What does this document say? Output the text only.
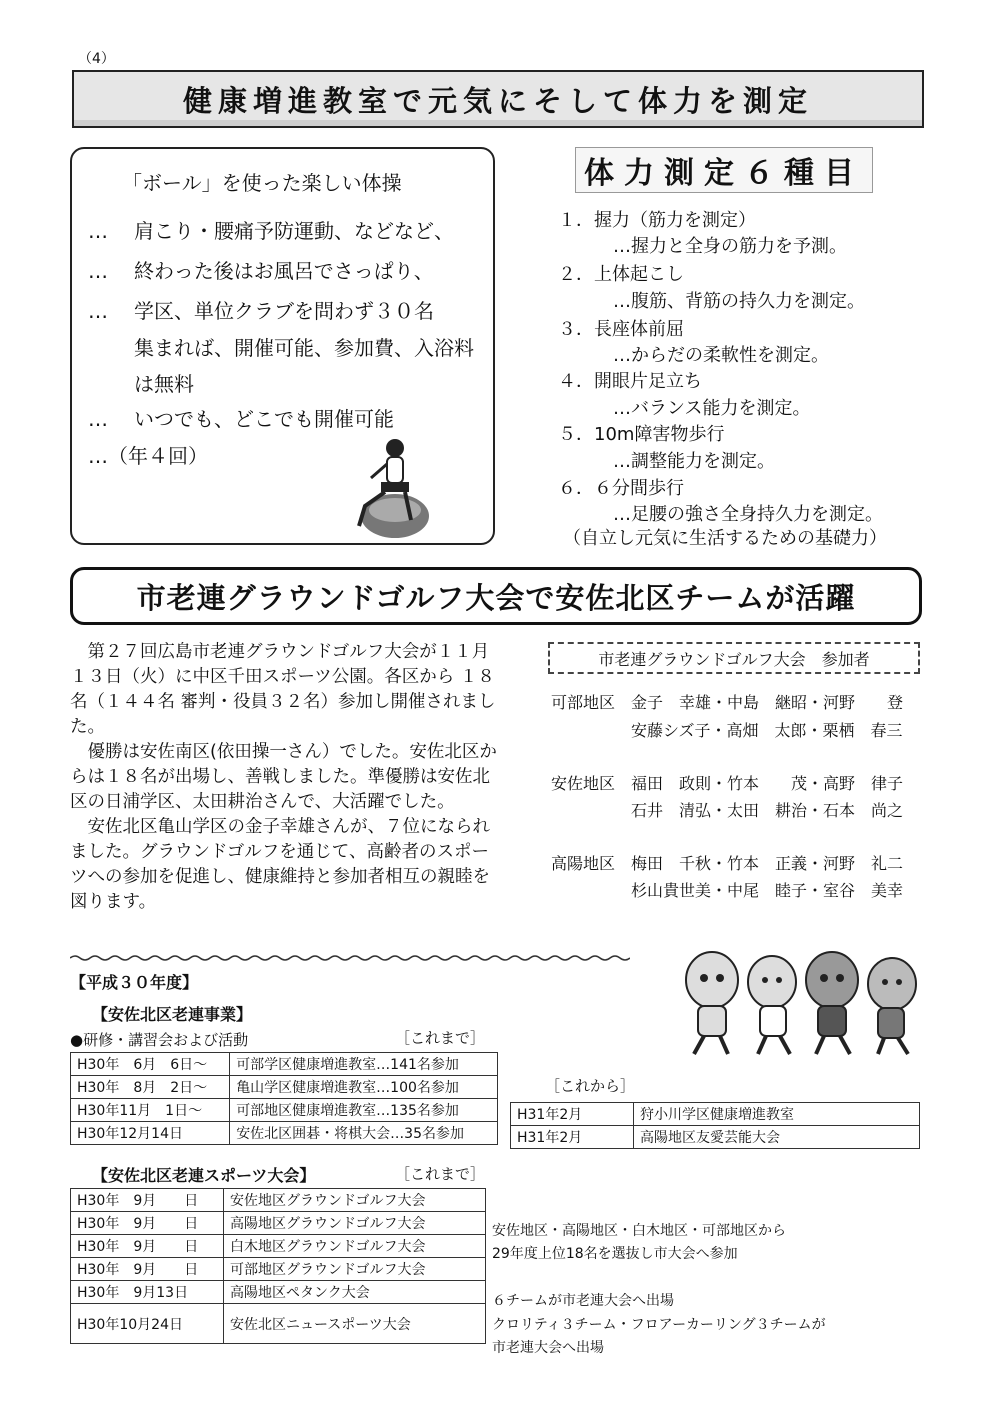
（4）
健康増進教室で元気にそして体力を測定
「ボール」を使った楽しい体操
… 肩こり・腰痛予防運動、などなど、
… 終わった後はお風呂でさっぱり、
… 学区、単位クラブを問わず３０名
集まれば、開催可能、参加費、入浴料
は無料
… いつでも、どこでも開催可能
…（年４回）
体力測定６種目
１．握力（筋力を測定）
…握力と全身の筋力を予測。
２．上体起こし
…腹筋、背筋の持久力を測定。
３．長座体前屈
…からだの柔軟性を測定。
４．開眼片足立ち
…バランス能力を測定。
５．10m障害物歩行
…調整能力を測定。
６．６分間歩行
…足腰の強さ全身持久力を測定。
（自立し元気に生活するための基礎力）
市老連グラウンドゴルフ大会で安佐北区チームが活躍

第２７回広島市老連グラウンドゴルフ大会が１１月１３日（火）に中区千田スポーツ公園。各区から １８名（１４４名 審判・役員３２名）参加し開催されました。

優勝は安佐南区(依田操一さん）でした。安佐北区からは１８名が出場し、善戦しました。準優勝は安佐北区の日浦学区、太田耕治さんで、大活躍でした。

安佐北区亀山学区の金子幸雄さんが、７位になられました。グラウンドゴルフを通じて、高齢者のスポーツへの参加を促進し、健康維持と参加者相互の親睦を図ります。

市老連グラウンドゴルフ大会　参加者
可部地区 金子　幸雄・中島　継昭・河野　　登
安藤シズ子・高畑　太郎・栗栖　春三
安佐地区 福田　政則・竹本　　茂・高野　律子
石井　清弘・太田　耕治・石本　尚之
高陽地区 梅田　千秋・竹本　正義・河野　礼二
杉山貴世美・中尾　睦子・室谷　美幸
【平成３０年度】
【安佐北区老連事業】
●研修・講習会および活動	［これまで］
H30年　6月　6日～	可部学区健康増進教室…141名参加
H30年　8月　2日～	亀山学区健康増進教室…100名参加
H30年11月　1日～	可部地区健康増進教室…135名参加
H30年12月14日	安佐北区囲碁・将棋大会…35名参加
［これから］
H31年2月	狩小川学区健康増進教室
H31年2月	高陽地区友愛芸能大会
【安佐北区老連スポーツ大会】	［これまで］
H30年　9月　　日	安佐地区グラウンドゴルフ大会
H30年　9月　　日	高陽地区グラウンドゴルフ大会
H30年　9月　　日	白木地区グラウンドゴルフ大会
H30年　9月　　日	可部地区グラウンドゴルフ大会
H30年　9月13日	高陽地区ペタンク大会
H30年10月24日	安佐北区ニュースポーツ大会
安佐地区・高陽地区・白木地区・可部地区から
29年度上位18名を選抜し市大会へ参加
６チームが市老連大会へ出場
クロリティ３チーム・フロアーカーリング３チームが
市老連大会へ出場
